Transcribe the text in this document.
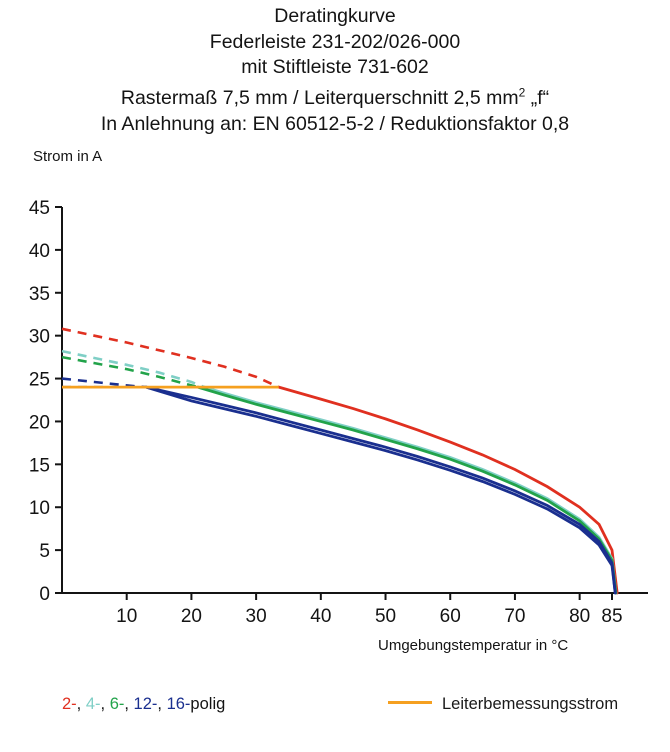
Deratingkurve
Federleiste 231-202/026-000
mit Stiftleiste 731-602
Rastermaß 7,5 mm / Leiterquerschnitt 2,5 $mm^2$ „f“
In Anlehnung an: EN 60512-5-2 / Reduktionsfaktor 0,8
Strom in A
Umgebungstemperatur in °C
10 20 30 40 50 60 70 80 85
0
5
10
15
20
25
30
35
40
45
2-, 4-, 6-, 12-, 16-polig	Leiterbemessungsstrom
